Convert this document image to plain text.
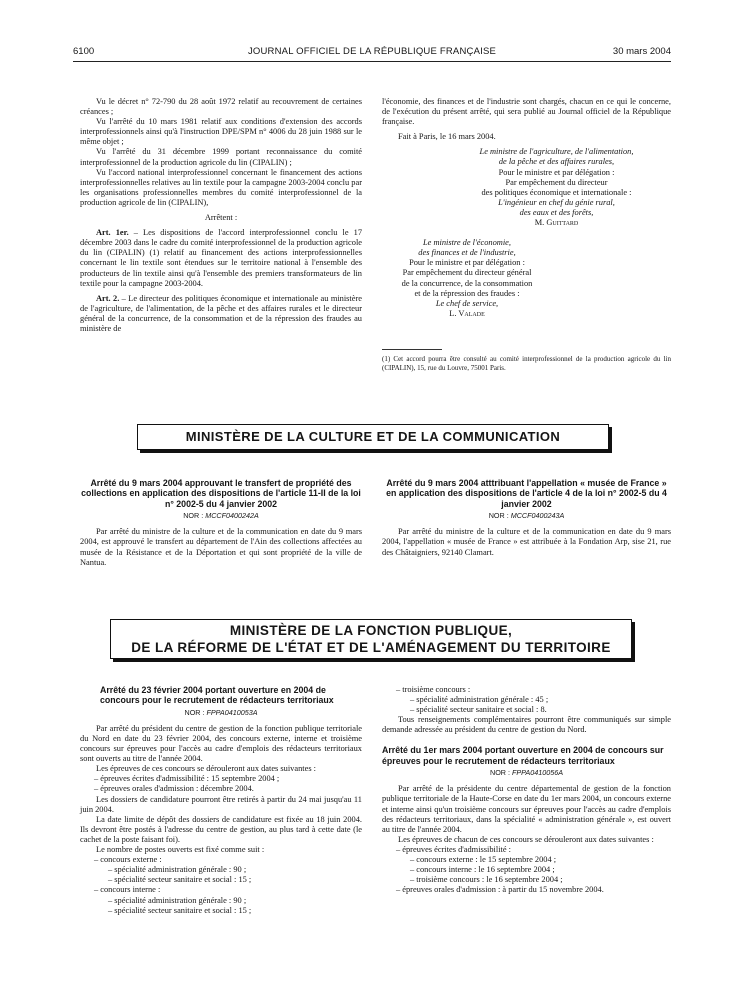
6100	JOURNAL OFFICIEL DE LA RÉPUBLIQUE FRANÇAISE	30 mars 2004

Vu le décret n° 72-790 du 28 août 1972 relatif au recouvrement de certaines créances ;

Vu l'arrêté du 10 mars 1981 relatif aux conditions d'extension des accords interprofessionnels ainsi qu'à l'instruction DPE/SPM n° 4006 du 28 juin 1988 sur le même objet ;

Vu l'arrêté du 31 décembre 1999 portant reconnaissance du comité interprofessionnel de la production agricole du lin (CIPALIN) ;

Vu l'accord national interprofessionnel concernant le financement des actions interprofessionnelles relatives au lin textile pour la campagne 2003-2004 conclu par les organisations professionnelles membres du comité interprofessionnel de la production agricole de lin (CIPALIN),

Arrêtent :

Art. 1er. – Les dispositions de l'accord interprofessionnel conclu le 17 décembre 2003 dans le cadre du comité interprofessionnel de la production agricole du lin (CIPALIN) (1) relatif au financement des actions interprofessionnelles concernant le lin textile sont étendues sur le territoire national à l'ensemble des producteurs de lin textile ainsi qu'à l'ensemble des premiers transformateurs de lin textile pour la campagne 2003-2004.

Art. 2. – Le directeur des politiques économique et internationale au ministère de l'agriculture, de l'alimentation, de la pêche et des affaires rurales et le directeur général de la concurrence, de la consommation et de la répression des fraudes au ministère de

l'économie, des finances et de l'industrie sont chargés, chacun en ce qui le concerne, de l'exécution du présent arrêté, qui sera publié au Journal officiel de la République française.

Fait à Paris, le 16 mars 2004.

Le ministre de l'agriculture, de l'alimentation,

de la pêche et des affaires rurales,

Pour le ministre et par délégation :

Par empêchement du directeur

des politiques économique et internationale :

L'ingénieur en chef du génie rural,

des eaux et des forêts,

M. Guittard

Le ministre de l'économie,

des finances et de l'industrie,

Pour le ministre et par délégation :

Par empêchement du directeur général

de la concurrence, de la consommation

et de la répression des fraudes :

Le chef de service,

L. Valade

(1) Cet accord pourra être consulté au comité interprofessionnel de la production agricole du lin (CIPALIN), 15, rue du Louvre, 75001 Paris.
MINISTÈRE DE LA CULTURE ET DE LA COMMUNICATION
Arrêté du 9 mars 2004 approuvant le transfert de propriété des collections en application des dispositions de l'article 11-II de la loi n° 2002-5 du 4 janvier 2002
NOR : MCCF0400242A

Par arrêté du ministre de la culture et de la communication en date du 9 mars 2004, est approuvé le transfert au département de l'Ain des collections affectées au musée de la Résistance et de la Déportation et qui sont propriété de la ville de Nantua.

Arrêté du 9 mars 2004 atttribuant l'appellation « musée de France » en application des dispositions de l'article 4 de la loi n° 2002-5 du 4 janvier 2002
NOR : MCCF0400243A

Par arrêté du ministre de la culture et de la communication en date du 9 mars 2004, l'appellation « musée de France » est attribuée à la Fondation Arp, sise 21, rue des Châtaigniers, 92140 Clamart.

MINISTÈRE DE LA FONCTION PUBLIQUE,
DE LA RÉFORME DE L'ÉTAT ET DE L'AMÉNAGEMENT DU TERRITOIRE
Arrêté du 23 février 2004 portant ouverture en 2004 de concours pour le recrutement de rédacteurs territoriaux
NOR : FPPA0410053A

Par arrêté du président du centre de gestion de la fonction publique territoriale du Nord en date du 23 février 2004, des concours externe, interne et troisième concours sur épreuves pour l'accès au cadre d'emplois des rédacteurs territoriaux sont ouverts au titre de l'année 2004.

Les épreuves de ces concours se dérouleront aux dates suivantes :

– épreuves écrites d'admissibilité : 15 septembre 2004 ;

– épreuves orales d'admission : décembre 2004.

Les dossiers de candidature pourront être retirés à partir du 24 mai jusqu'au 11 juin 2004.

La date limite de dépôt des dossiers de candidature est fixée au 18 juin 2004. Ils devront être postés à l'adresse du centre de gestion, au plus tard à cette date (le cachet de la poste faisant foi).

Le nombre de postes ouverts est fixé comme suit :

– concours externe :

– spécialité administration générale : 90 ;

– spécialité secteur sanitaire et social : 15 ;

– concours interne :

– spécialité administration générale : 90 ;

– spécialité secteur sanitaire et social : 15 ;

– troisième concours :

– spécialité administration générale : 45 ;

– spécialité secteur sanitaire et social : 8.

Tous renseignements complémentaires pourront être communiqués sur simple demande adressée au président du centre de gestion du Nord.

Arrêté du 1er mars 2004 portant ouverture en 2004 de concours sur épreuves pour le recrutement de rédacteurs territoriaux
NOR : FPPA0410056A

Par arrêté de la présidente du centre départemental de gestion de la fonction publique territoriale de la Haute-Corse en date du 1er mars 2004, un concours externe et interne ainsi qu'un troisième concours sur épreuves pour l'accès au cadre d'emplois des rédacteurs territoriaux, dans la spécialité « administration générale », est ouvert au titre de l'année 2004.

Les épreuves de chacun de ces concours se dérouleront aux dates suivantes :

– épreuves écrites d'admissibilité :

– concours externe : le 15 septembre 2004 ;

– concours interne : le 16 septembre 2004 ;

– troisième concours : le 16 septembre 2004 ;

– épreuves orales d'admission : à partir du 15 novembre 2004.
